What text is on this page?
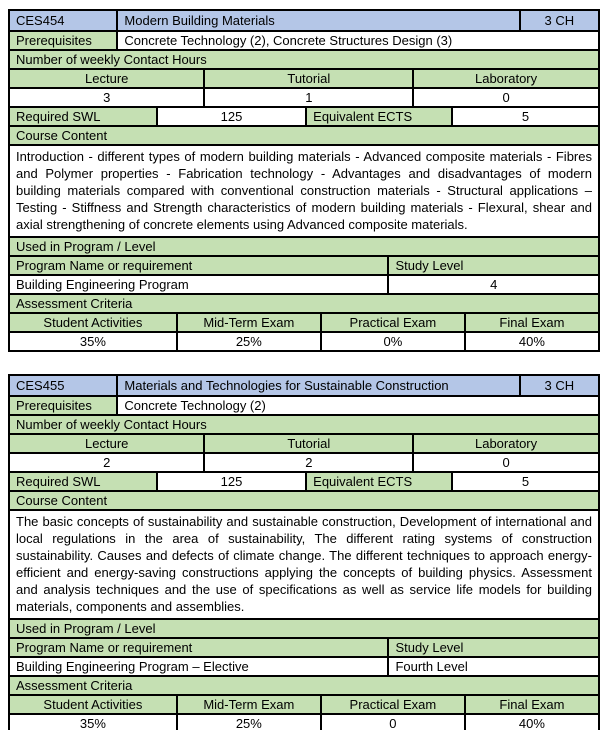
CES454	Modern Building Materials	3 CH
Prerequisites	Concrete Technology (2), Concrete Structures Design (3)
Number of weekly Contact Hours
Lecture	Tutorial	Laboratory
3	1	0
Required SWL	125	Equivalent ECTS	5
Course Content
Introduction - different types of modern building materials - Advanced composite materials - Fibres and Polymer properties - Fabrication technology - Advantages and disadvantages of modern building materials compared with conventional construction materials - Structural applications – Testing - Stiffness and Strength characteristics of modern building materials - Flexural, shear and axial strengthening of concrete elements using Advanced composite materials.
Used in Program / Level
Program Name or requirement	Study Level
Building Engineering Program	4
Assessment Criteria
Student Activities	Mid-Term Exam	Practical Exam	Final Exam
35%	25%	0%	40%
CES455	Materials and Technologies for Sustainable Construction	3 CH
Prerequisites	Concrete Technology (2)
Number of weekly Contact Hours
Lecture	Tutorial	Laboratory
2	2	0
Required SWL	125	Equivalent ECTS	5
Course Content
The basic concepts of sustainability and sustainable construction, Development of international and local regulations in the area of sustainability, The different rating systems of construction sustainability. Causes and defects of climate change. The different techniques to approach energy-efficient and energy-saving constructions applying the concepts of building physics. Assessment and analysis techniques and the use of specifications as well as service life models for building materials, components and assemblies.
Used in Program / Level
Program Name or requirement	Study Level
Building Engineering Program – Elective	Fourth Level
Assessment Criteria
Student Activities	Mid-Term Exam	Practical Exam	Final Exam
35%	25%	0	40%
